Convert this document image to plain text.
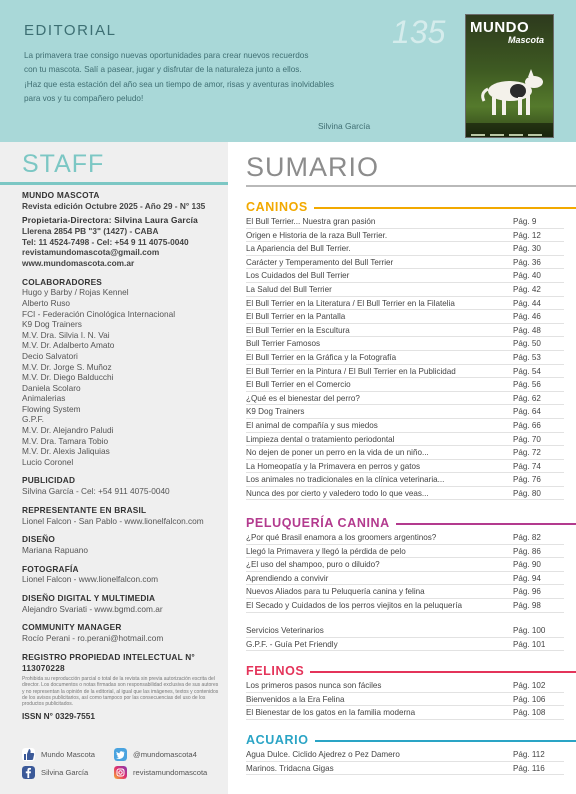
EDITORIAL

La primavera trae consigo nuevas oportunidades para crear nuevos recuerdos

con tu mascota. Salí a pasear, jugar y disfrutar de la naturaleza junto a ellos.

¡Haz que esta estación del año sea un tiempo de amor, risas y aventuras inolvidables

para vos y tu compañero peludo!

Silvina García
135 MUNDO
Mascota
STAFF
MUNDO MASCOTA
Revista edición Octubre 2025 - Año 29 - N° 135
Propietaria-Directora: Silvina Laura García
Llerena 2854 PB "3" (1427) - CABA
Tel: 11 4524-7498 - Cel: +54 9 11 4075-0040
revistamundomascota@gmail.com
www.mundomascota.com.ar
COLABORADORES
Hugo y Barby / Rojas Kennel
Alberto Ruso
FCI - Federación Cinológica Internacional
K9 Dog Trainers
M.V. Dra. Silvia I. N. Vai
M.V. Dr. Adalberto Amato
Decio Salvatori
M.V. Dr. Jorge S. Muñoz
M.V. Dr. Diego Balducchi
Daniela Scolaro
Animalerias
Flowing System
G.P.F.
M.V. Dr. Alejandro Paludi
M.V. Dra. Tamara Tobio
M.V. Dr. Alexis Jaliquias
Lucio Coronel
PUBLICIDAD
Silvina García - Cel: +54 911 4075-0040
REPRESENTANTE EN BRASIL
Lionel Falcon - San Pablo - www.lionelfalcon.com
DISEÑO
Mariana Rapuano
FOTOGRAFÍA
Lionel Falcon - www.lionelfalcon.com
DISEÑO DIGITAL Y MULTIMEDIA
Alejandro Svariati - www.bgmd.com.ar
COMMUNITY MANAGER
Rocío Perani - ro.perani@hotmail.com
REGISTRO PROPIEDAD INTELECTUAL N° 113070228
Prohibida su reproducción parcial o total de la revista sin previa autorización escrita del director. Los documentos o notas firmadas son responsabilidad exclusiva de sus autores y no representan la opinión de la editorial, al igual que las imágenes, textos y contenidos de los avisos publicitarios, así como tampoco por las consecuencias del uso de los productos publicitados.
ISSN N° 0329-7551
Mundo Mascota	@mundomascota4
Silvina García	revistamundomascota
SUMARIO
CANINOS
El Bull Terrier... Nuestra gran pasión	Pág. 9
Origen e Historia de la raza Bull Terrier.	Pág. 12
La Apariencia del Bull Terrier.	Pág. 30
Carácter y Temperamento del Bull Terrier	Pág. 36
Los Cuidados del Bull Terrier	Pág. 40
La Salud del Bull Terrier	Pág. 42
El Bull Terrier en la Literatura / El Bull Terrier en la Filatelia	Pág. 44
El Bull Terrier en la Pantalla	Pág. 46
El Bull Terrier en la Escultura	Pág. 48
Bull Terrier Famosos	Pág. 50
El Bull Terrier en la Gráfica y la Fotografía	Pág. 53
El Bull Terrier en la Pintura / El Bull Terrier en la Publicidad	Pág. 54
El Bull Terrier en el Comercio	Pág. 56
¿Qué es el bienestar del perro?	Pág. 62
K9 Dog Trainers	Pág. 64
El animal de compañía y sus miedos	Pág. 66
Limpieza dental o tratamiento periodontal	Pág. 70
No dejen de poner un perro en la vida de un niño...	Pág. 72
La Homeopatía y la Primavera en perros y gatos	Pág. 74
Los animales no tradicionales en la clínica veterinaria...	Pág. 76
Nunca des por cierto y valedero todo lo que veas...	Pág. 80
PELUQUERÍA CANINA
¿Por qué Brasil enamora a los groomers argentinos?	Pág. 82
Llegó la Primavera y llegó la pérdida de pelo	Pág. 86
¿El uso del shampoo, puro o diluido?	Pág. 90
Aprendiendo a convivir	Pág. 94
Nuevos Aliados para tu Peluquería canina y felina	Pág. 96
El Secado y Cuidados de los perros viejitos en la peluquería	Pág. 98
Servicios Veterinarios	Pág. 100
G.P.F. - Guía Pet Friendly	Pág. 101
FELINOS
Los primeros pasos nunca son fáciles	Pág. 102
Bienvenidos a la Era Felina	Pág. 106
El Bienestar de los gatos en la familia moderna	Pág. 108
ACUARIO
Agua Dulce. Ciclido Ajedrez o Pez Damero	Pág. 112
Marinos. Tridacna Gigas	Pág. 116
